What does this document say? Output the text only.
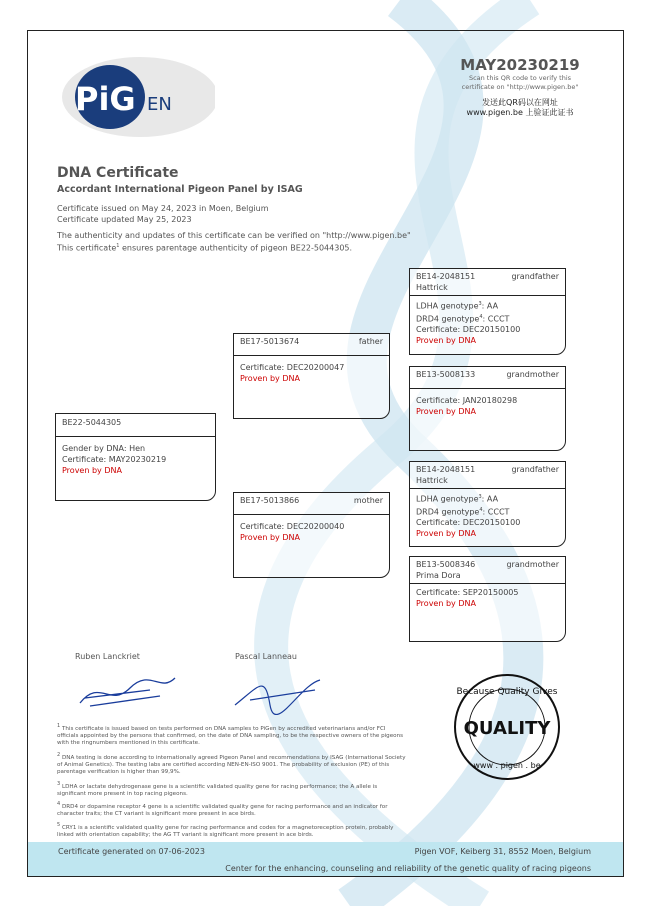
PiG EN
MAY20230219
Scan this QR code to verify this
certificate on "http://www.pigen.be"
发送此QR码以在网址
www.pigen.be 上验证此证书
DNA Certificate
Accordant International Pigeon Panel by ISAG
Certificate issued on May 24, 2023 in Moen, Belgium
Certificate updated May 25, 2023
The authenticity and updates of this certificate can be verified on "http://www.pigen.be"
This certificate$^1$ ensures parentage authenticity of pigeon BE22-5044305.
BE22-5044305
Gender by DNA: Hen
Certificate: MAY20230219
Proven by DNA
BE17-5013674	father
Certificate: DEC20200047
Proven by DNA
BE17-5013866	mother
Certificate: DEC20200040
Proven by DNA
BE14-2048151	grandfather
Hattrick
LDHA genotype$^3$: AA
DRD4 genotype$^4$: CCCT
Certificate: DEC20150100
Proven by DNA
BE13-5008133	grandmother
Certificate: JAN20180298
Proven by DNA
BE14-2048151	grandfather
Hattrick
LDHA genotype$^3$: AA
DRD4 genotype$^4$: CCCT
Certificate: DEC20150100
Proven by DNA
BE13-5008346	grandmother
Prima Dora
Certificate: SEP20150005
Proven by DNA
Ruben Lanckriet	Pascal Lanneau
$^1$ This certificate is issued based on tests performed on DNA samples to PiGen by accredited veterinarians and/or FCI officials appointed by the persons that confirmed, on the date of DNA sampling, to be the respective owners of the pigeons with the ringnumbers mentioned in this certificate.
$^2$ DNA testing is done according to internationally agreed Pigeon Panel and recommendations by ISAG (International Society of Animal Genetics). The testing labs are certified according NEN-EN-ISO 9001. The probability of exclusion (PE) of this parentage verification is higher than 99,9%.
$^3$ LDHA or lactate dehydrogenase gene is a scientific validated quality gene for racing performance; the A allele is significant more present in top racing pigeons.
$^4$ DRD4 or dopamine receptor 4 gene is a scientific validated quality gene for racing performance and an indicator for character traits; the CT variant is significant more present in ace birds.
$^5$ CRY1 is a scientific validated quality gene for racing performance and codes for a magnetoreception protein, probably linked with orientation capability; the AG TT variant is significant more present in ace birds.
Because Quality Gives
QUALITY
www . pigen . be
Certificate generated on 07-06-2023	Pigen VOF, Keiberg 31, 8552 Moen, Belgium
Center for the enhancing, counseling and reliability of the genetic quality of racing pigeons
